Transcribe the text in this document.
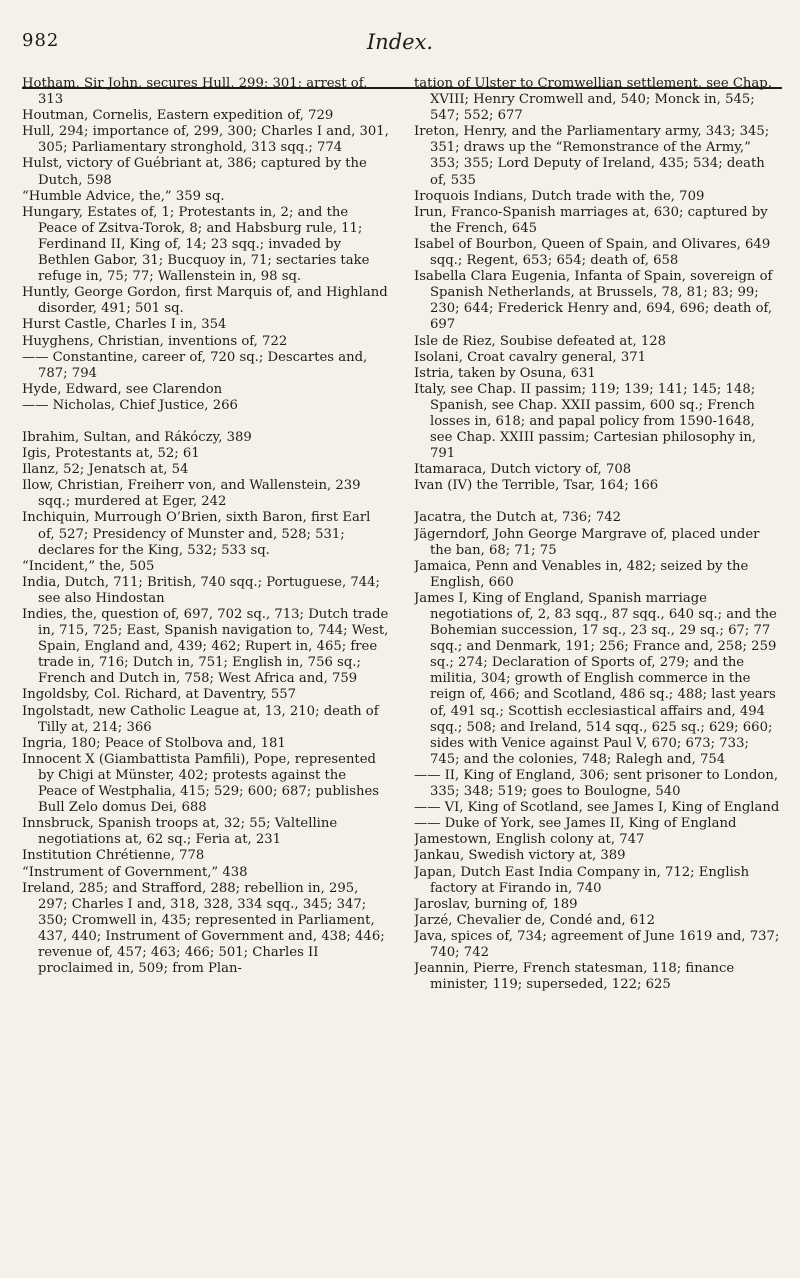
Index.
982

Hotham, Sir John, secures Hull, 299; 301; arrest of, 313

Houtman, Cornelis, Eastern expedition of, 729

Hull, 294; importance of, 299, 300; Charles I and, 301, 305; Parliamentary stronghold, 313 sqq.; 774

Hulst, victory of Guébriant at, 386; captured by the Dutch, 598

“Humble Advice, the,” 359 sq.

Hungary, Estates of, 1; Protestants in, 2; and the Peace of Zsitva-Torok, 8; and Habsburg rule, 11; Ferdinand II, King of, 14; 23 sqq.; invaded by Bethlen Gabor, 31; Bucquoy in, 71; sectaries take refuge in, 75; 77; Wallenstein in, 98 sq.

Huntly, George Gordon, first Marquis of, and Highland disorder, 491; 501 sq.

Hurst Castle, Charles I in, 354

Huyghens, Christian, inventions of, 722

—— Constantine, career of, 720 sq.; Descartes and, 787; 794

Hyde, Edward, see Clarendon

—— Nicholas, Chief Justice, 266

Ibrahim, Sultan, and Rákóczy, 389

Igis, Protestants at, 52; 61

Ilanz, 52; Jenatsch at, 54

Ilow, Christian, Freiherr von, and Wallenstein, 239 sqq.; murdered at Eger, 242

Inchiquin, Murrough O’Brien, sixth Baron, first Earl of, 527; Presidency of Munster and, 528; 531; declares for the King, 532; 533 sq.

“Incident,” the, 505

India, Dutch, 711; British, 740 sqq.; Portuguese, 744; see also Hindostan

Indies, the, question of, 697, 702 sq., 713; Dutch trade in, 715, 725; East, Spanish navigation to, 744; West, Spain, England and, 439; 462; Rupert in, 465; free trade in, 716; Dutch in, 751; English in, 756 sq.; French and Dutch in, 758; West Africa and, 759

Ingoldsby, Col. Richard, at Daventry, 557

Ingolstadt, new Catholic League at, 13, 210; death of Tilly at, 214; 366

Ingria, 180; Peace of Stolbova and, 181

Innocent X (Giambattista Pamfili), Pope, represented by Chigi at Münster, 402; protests against the Peace of Westphalia, 415; 529; 600; 687; publishes Bull Zelo domus Dei, 688

Innsbruck, Spanish troops at, 32; 55; Valtelline negotiations at, 62 sq.; Feria at, 231

Institution Chrétienne, 778

“Instrument of Government,” 438

Ireland, 285; and Strafford, 288; rebellion in, 295, 297; Charles I and, 318, 328, 334 sqq., 345; 347; 350; Cromwell in, 435; represented in Parliament, 437, 440; Instrument of Government and, 438; 446; revenue of, 457; 463; 466; 501; Charles II proclaimed in, 509; from Plan-

tation of Ulster to Cromwellian settlement, see Chap. XVIII; Henry Cromwell and, 540; Monck in, 545; 547; 552; 677

Ireton, Henry, and the Parliamentary army, 343; 345; 351; draws up the “Remonstrance of the Army,” 353; 355; Lord Deputy of Ireland, 435; 534; death of, 535

Iroquois Indians, Dutch trade with the, 709

Irun, Franco-Spanish marriages at, 630; captured by the French, 645

Isabel of Bourbon, Queen of Spain, and Olivares, 649 sqq.; Regent, 653; 654; death of, 658

Isabella Clara Eugenia, Infanta of Spain, sovereign of Spanish Netherlands, at Brussels, 78, 81; 83; 99; 230; 644; Frederick Henry and, 694, 696; death of, 697

Isle de Riez, Soubise defeated at, 128

Isolani, Croat cavalry general, 371

Istria, taken by Osuna, 631

Italy, see Chap. II passim; 119; 139; 141; 145; 148; Spanish, see Chap. XXII passim, 600 sq.; French losses in, 618; and papal policy from 1590-1648, see Chap. XXIII passim; Cartesian philosophy in, 791

Itamaraca, Dutch victory of, 708

Ivan (IV) the Terrible, Tsar, 164; 166

Jacatra, the Dutch at, 736; 742

Jägerndorf, John George Margrave of, placed under the ban, 68; 71; 75

Jamaica, Penn and Venables in, 482; seized by the English, 660

James I, King of England, Spanish marriage negotiations of, 2, 83 sqq., 87 sqq., 640 sq.; and the Bohemian succession, 17 sq., 23 sq., 29 sq.; 67; 77 sqq.; and Denmark, 191; 256; France and, 258; 259 sq.; 274; Declaration of Sports of, 279; and the militia, 304; growth of English commerce in the reign of, 466; and Scotland, 486 sq.; 488; last years of, 491 sq.; Scottish ecclesiastical affairs and, 494 sqq.; 508; and Ireland, 514 sqq., 625 sq.; 629; 660; sides with Venice against Paul V, 670; 673; 733; 745; and the colonies, 748; Ralegh and, 754

—— II, King of England, 306; sent prisoner to London, 335; 348; 519; goes to Boulogne, 540

—— VI, King of Scotland, see James I, King of England

—— Duke of York, see James II, King of England

Jamestown, English colony at, 747

Jankau, Swedish victory at, 389

Japan, Dutch East India Company in, 712; English factory at Firando in, 740

Jaroslav, burning of, 189

Jarzé, Chevalier de, Condé and, 612

Java, spices of, 734; agreement of June 1619 and, 737; 740; 742

Jeannin, Pierre, French statesman, 118; finance minister, 119; superseded, 122; 625
